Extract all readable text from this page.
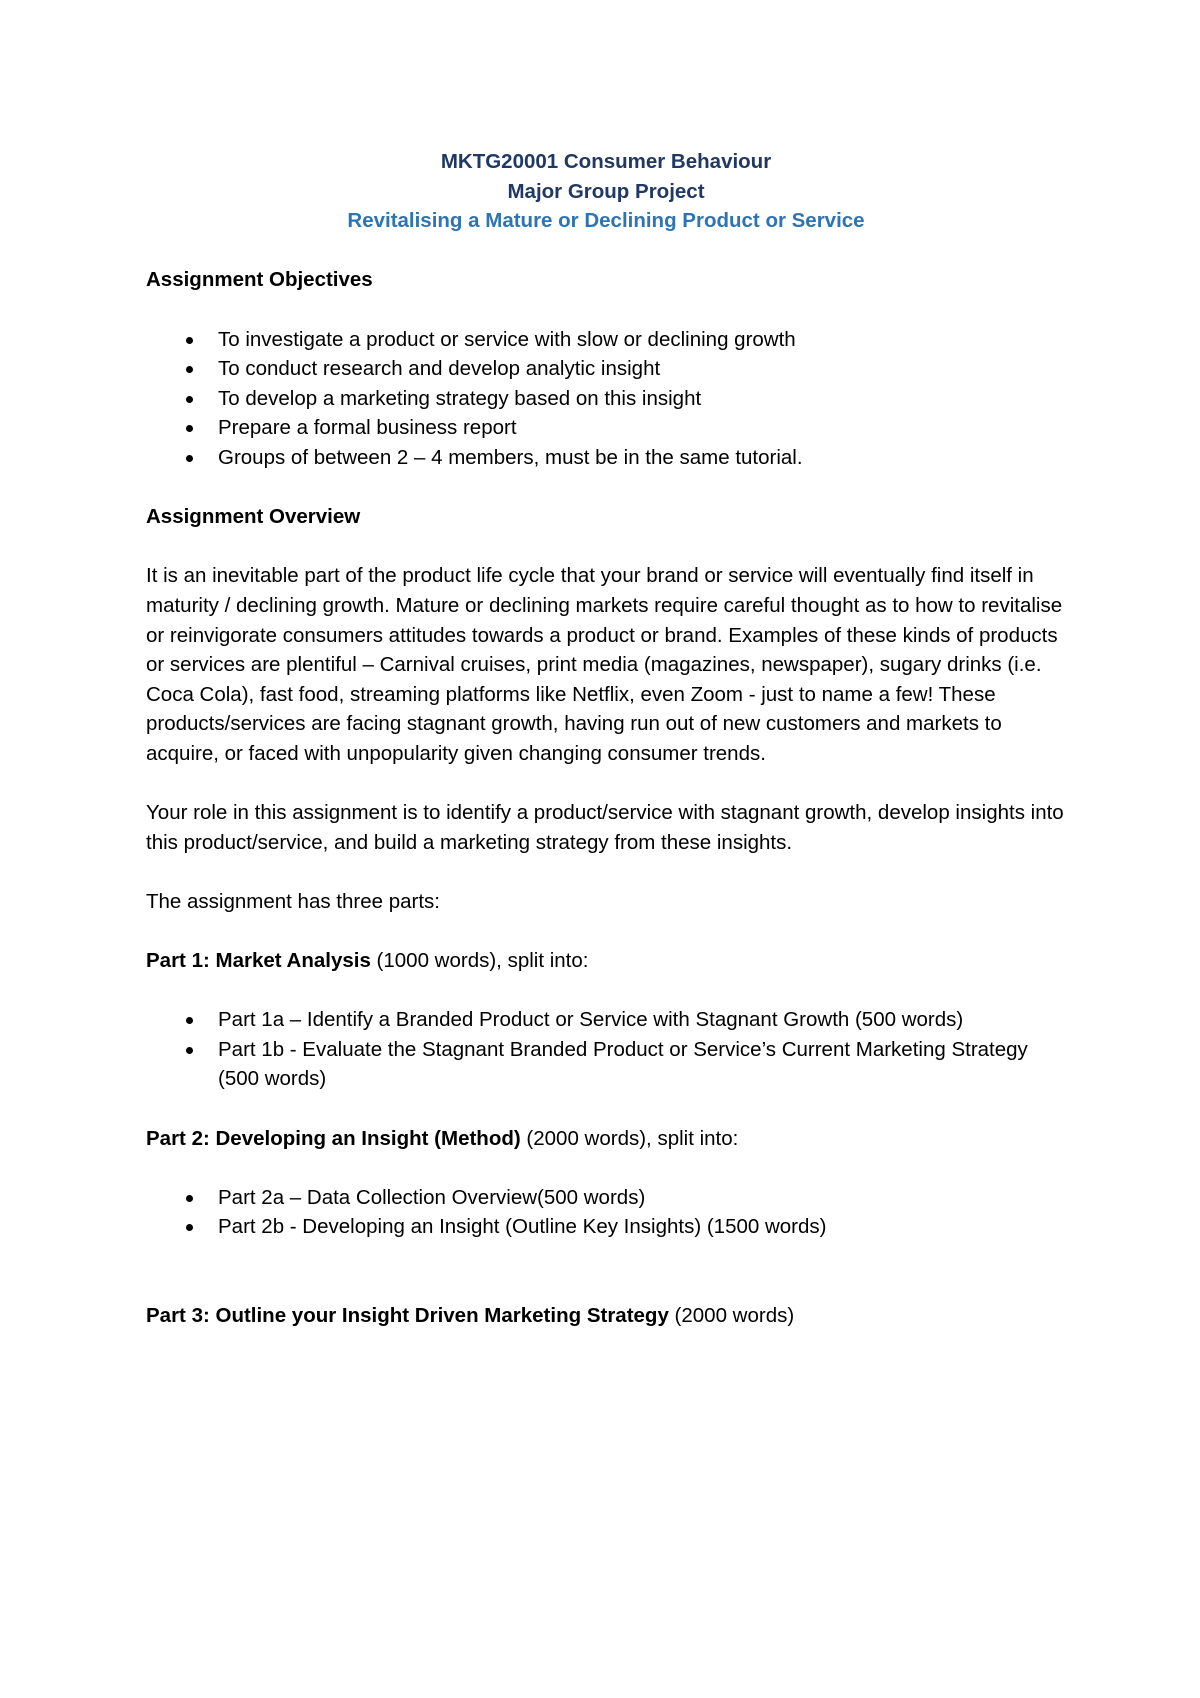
MKTG20001 Consumer Behaviour
Major Group Project
Revitalising a Mature or Declining Product or Service

Assignment Objectives

To investigate a product or service with slow or declining growth
To conduct research and develop analytic insight
To develop a marketing strategy based on this insight
Prepare a formal business report
Groups of between 2 – 4 members, must be in the same tutorial.

Assignment Overview

It is an inevitable part of the product life cycle that your brand or service will eventually find itself in maturity / declining growth. Mature or declining markets require careful thought as to how to revitalise or reinvigorate consumers attitudes towards a product or brand. Examples of these kinds of products or services are plentiful – Carnival cruises, print media (magazines, newspaper), sugary drinks (i.e. Coca Cola), fast food, streaming platforms like Netflix, even Zoom - just to name a few! These products/services are facing stagnant growth, having run out of new customers and markets to acquire, or faced with unpopularity given changing consumer trends.

Your role in this assignment is to identify a product/service with stagnant growth, develop insights into this product/service, and build a marketing strategy from these insights.

The assignment has three parts:

Part 1: Market Analysis (1000 words), split into:

Part 1a – Identify a Branded Product or Service with Stagnant Growth (500 words)
Part 1b - Evaluate the Stagnant Branded Product or Service’s Current Marketing Strategy (500 words)

Part 2: Developing an Insight (Method) (2000 words), split into:

Part 2a – Data Collection Overview(500 words)
Part 2b - Developing an Insight (Outline Key Insights) (1500 words)

Part 3: Outline your Insight Driven Marketing Strategy (2000 words)
